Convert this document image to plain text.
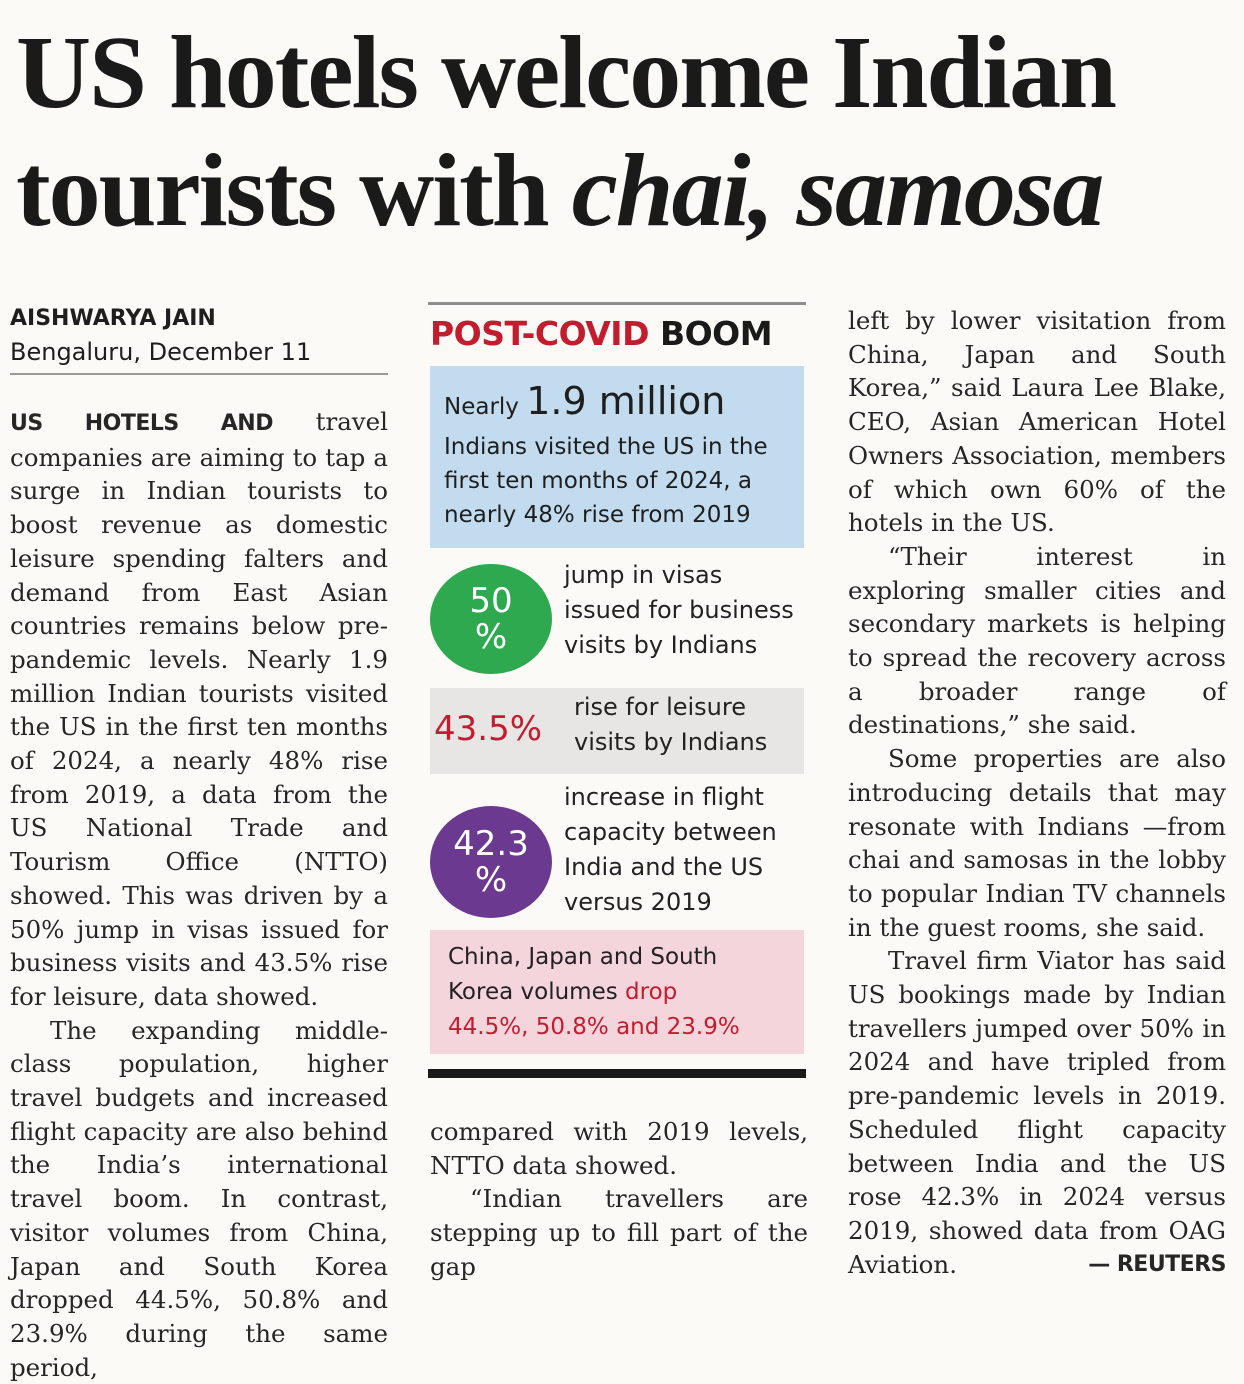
US hotels welcome Indian
tourists with chai, samosa
AISHWARYA JAIN
Bengaluru, December 11

US HOTELS AND travel companies are aiming to tap a surge in Indian tourists to boost revenue as domestic leisure spending falters and demand from East Asian countries remains below pre-pandemic levels. Nearly 1.9 million Indian tourists visited the US in the first ten months of 2024, a nearly 48% rise from 2019, a data from the US National Trade and Tourism Office (NTTO) showed. This was driven by a 50% jump in visas issued for business visits and 43.5% rise for leisure, data showed.

The expanding middle-class population, higher travel budgets and increased flight capacity are also behind the India’s international travel boom. In contrast, visitor volumes from China, Japan and South Korea dropped 44.5%, 50.8% and 23.9% during the same period,

POST-COVID BOOM
Nearly 1.9 million
Indians visited the US in the first ten months of 2024, a nearly 48% rise from 2019
50
%
jump in visas issued for business visits by Indians
43.5%
rise for leisure visits by Indians
42.3
%
increase in flight capacity between India and the US versus 2019
China, Japan and South Korea volumes drop
44.5%, 50.8% and 23.9%

compared with 2019 levels, NTTO data showed.

“Indian travellers are stepping up to fill part of the gap

left by lower visitation from China, Japan and South Korea,” said Laura Lee Blake, CEO, Asian American Hotel Owners Association, members of which own 60% of the hotels in the US.

“Their interest in exploring smaller cities and secondary markets is helping to spread the recovery across a broader range of destinations,” she said.

Some properties are also introducing details that may resonate with Indians —from chai and samosas in the lobby to popular Indian TV channels in the guest rooms, she said.

Travel firm Viator has said US bookings made by Indian travellers jumped over 50% in 2024 and have tripled from pre-pandemic levels in 2019. Scheduled flight capacity between India and the US rose 42.3% in 2024 versus 2019, showed data from OAG Aviation.	— REUTERS
